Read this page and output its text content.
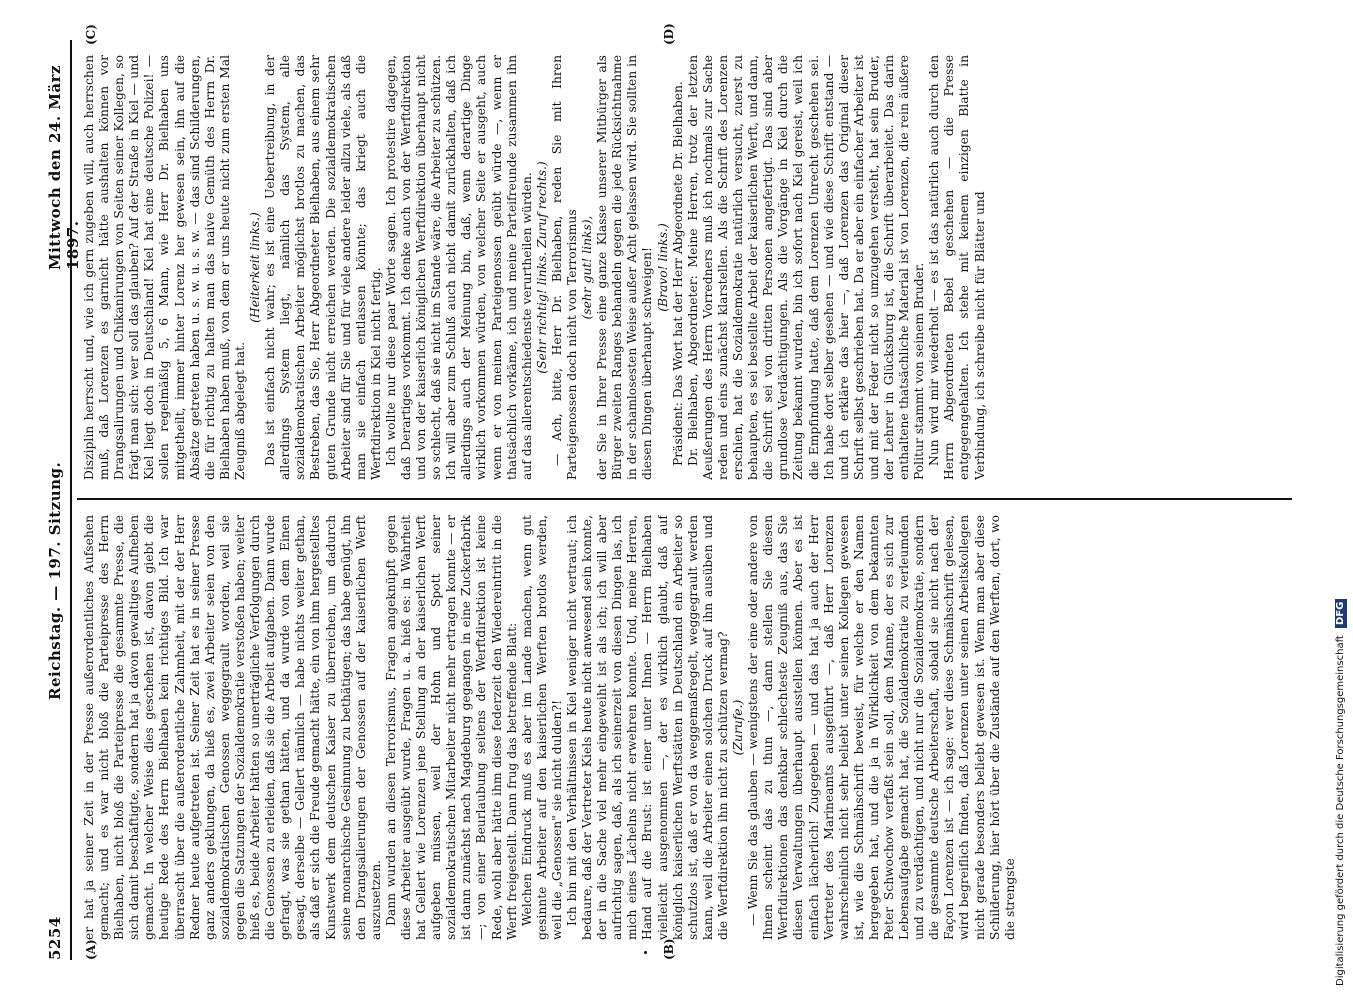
5254
Reichstag. — 197. Sitzung.
Mittwoch den 24. März 1897.
(A)	(B)
(C)	(D)

er hat ja seiner Zeit in der Presse außerordentliches Aufsehen gemacht; und es war nicht bloß die Parteipresse des Herrn Bielhaben, nicht bloß die Parteipresse die gesammte Presse, die sich damit beschäftigte, sondern hat ja davon gewaltiges Aufheben gemacht. In welcher Weise dies geschehen ist, davon giebt die heutige Rede des Herrn Bielhaben kein richtiges Bild. Ich war überrascht über die außerordentliche Zahmheit, mit der der Herr Redner heute aufgetreten ist. Seiner Zeit hat es in seiner Presse ganz anders geklungen, da hieß es, zwei Arbeiter seien von den sozialdemokratischen Genossen weggegrault worden, weil sie gegen die Satzungen der Sozialdemokratie verstoßen haben; weiter hieß es, beide Arbeiter hätten so unerträgliche Verfolgungen durch die Genossen zu erleiden, daß sie die Arbeit aufgaben. Dann wurde gefragt, was sie gethan hätten, und da wurde von dem Einen gesagt, derselbe — Gellert nämlich — habe nichts weiter gethan, als daß er sich die Freude gemacht hätte, ein von ihm hergestelltes Kunstwerk dem deutschen Kaiser zu überreichen, um dadurch seine monarchische Gesinnung zu bethätigen; das habe genügt, ihn den Drangsalierungen der Genossen auf der kaiserlichen Werft auszusetzen. Dann wurden an diesen Terrorismus, Fragen angeknüpft gegen diese Arbeiter ausgeübt wurde, Fragen u. a. hieß es: in Wahrheit hat Gellert wie Lorenzen jene Stellung an der kaiserlichen Werft aufgeben müssen, weil der Hohn und Spott seiner sozialdemokratischen Mitarbeiter nicht mehr ertragen konnte — er ist dann zunächst nach Magdeburg gegangen in eine Zuckerfabrik —; von einer Beurlaubung seitens der Werftdirektion ist keine Rede, wohl aber hätte ihm diese federzeit den Wiedereintritt in die Werft freigestellt. Dann frug das betreffende Blatt: Welchen Eindruck muß es aber im Lande machen, wenn gut gesinnte Arbeiter auf den kaiserlichen Werften brotlos werden, weil die „Genossen" sie nicht dulden?! Ich bin mit den Verhältnissen in Kiel weniger nicht vertraut; ich bedaure, daß der Vertreter Kiels heute nicht anwesend sein konnte, der in die Sache viel mehr eingeweiht ist als ich; ich will aber aufrichtig sagen, daß, als ich seinerzeit von diesen Dingen las, ich mich eines Lächelns nicht erwehren konnte. Und, meine Herren, Hand auf die Brust: ist einer unter Ihnen — Herrn Bielhaben vielleicht ausgenommen —, der es wirklich glaubt, daß auf königlich kaiserlichen Werftstätten in Deutschland ein Arbeiter so schutzlos ist, daß er von da weggemaßregelt, weggegrault werden kann, weil die Arbeiter einen solchen Druck auf ihn ausüben und die Werftdirektion ihn nicht zu schützen vermag? (Zurufe.) — Wenn Sie das glauben — wenigstens der eine oder andere von Ihnen scheint das zu thun —, dann stellen Sie diesen Werftdirektionen das denkbar schlechteste Zeugniß aus, das Sie diesen Verwaltungen überhaupt ausstellen können. Aber es ist einfach lächerlich! Zugegeben — und das hat ja auch der Herr Vertreter des Marineamts ausgeführt —, daß Herr Lorenzen wahrscheinlich nicht sehr beliebt unter seinen Kollegen gewesen ist, wie die Schmähschrift beweist, für welche er den Namen hergegeben hat, und die ja in Wirklichkeit von dem bekannten Peter Schwochow verfaßt sein soll, dem Manne, der es sich zur Lebensaufgabe gemacht hat, die Sozialdemokratie zu verleumden und zu verdächtigen, und nicht nur die Sozialdemokratie, sondern die gesammte deutsche Arbeiterschaft, sobald sie nicht nach der Façon Lorenzen ist — ich sage: wer diese Schmähschrift gelesen, wird begreiflich finden, daß Lorenzen unter seinen Arbeitskollegen nicht gerade besonders beliebt gewesen ist. Wenn man aber diese Schilderung, hier hört über die Zustände auf den Werften, dort, wo die strengste

Disziplin herrscht und, wie ich gern zugeben will, auch herrschen muß, daß Lorenzen es garnicht hätte aushalten können vor Drangsalirungen und Chikanirungen von Seiten seiner Kollegen, so frägt man sich: wer soll das glauben? Auf der Straße in Kiel — und Kiel liegt doch in Deutschland! Kiel hat eine deutsche Polizei! — sollen regelmäßig 5, 6 Mann, wie Herr Dr. Bielhaben uns mitgetheilt, immer hinter Lorenz her gewesen sein, ihn auf die Absätze getreten haben u. s. w. u. s. w. — das sind Schilderungen, die für richtig zu halten man das naive Gemüth des Herrn Dr. Bielhaben haben muß, von dem er uns heute nicht zum ersten Mal Zeugniß abgelegt hat.

(Heiterkeit links.) Das ist einfach nicht wahr; es ist eine Uebertreibung, in der allerdings System liegt, nämlich das System, alle sozialdemokratischen Arbeiter möglichst brotlos zu machen, das Bestreben, das Sie, Herr Abgeordneter Bielhaben, aus einem sehr guten Grunde nicht erreichen werden. Die sozialdemokratischen Arbeiter sind für Sie und für viele andere leider allzu viele, als daß man sie einfach entlassen könnte; das kriegt auch die Werftdirektion in Kiel nicht fertig. Ich wollte nur diese paar Worte sagen. Ich protestire dagegen, daß Derartiges vorkommt. Ich denke auch von der Werftdirektion und von der kaiserlich königlichen Werftdirektion überhaupt nicht so schlecht, daß sie nicht im Stande wäre, die Arbeiter zu schützen. Ich will aber zum Schluß auch nicht damit zurückhalten, daß ich allerdings auch der Meinung bin, daß, wenn derartige Dinge wirklich vorkommen würden, von welcher Seite er ausgeht, auch wenn er von meinen Parteigenossen geübt würde —, wenn er thatsächlich vorkäme, ich und meine Parteifreunde zusammen ihn auf das allerentschiedenste verurtheilen würden. (Sehr richtig! links. Zuruf rechts.) — Ach, bitte, Herr Dr. Bielhaben, reden Sie mit Ihren Parteigenossen doch nicht von Terrorismus (sehr gut! links), der Sie in Ihrer Presse eine ganze Klasse unserer Mitbürger als Bürger zweiten Ranges behandeln gegen die jede Rücksichtnahme in der schamlosesten Weise außer Acht gelassen wird. Sie sollten in diesen Dingen überhaupt schweigen! (Bravo! links.) Präsident: Das Wort hat der Herr Abgeordnete Dr. Bielhaben. Dr. Bielhaben, Abgeordneter: Meine Herren, trotz der letzten Aeußerungen des Herrn Vorredners muß ich nochmals zur Sache reden und eins zunächst klarstellen. Als die Schrift des Lorenzen erschien, hat die Sozialdemokratie natürlich versucht, zuerst zu behaupten, es sei bestellte Arbeit der kaiserlichen Werft, und dann, die Schrift sei von dritten Personen angefertigt. Das sind aber grundlose Verdächtigungen. Als die Vorgänge in Kiel durch die Zeitung bekannt wurden, bin ich sofort nach Kiel gereist, weil ich die Empfindung hatte, daß dem Lorenzen Unrecht geschehen sei. Ich habe dort selber gesehen — und wie diese Schrift entstand — und ich erkläre das hier —, daß Lorenzen das Original dieser Schrift selbst geschrieben hat. Da er aber ein einfacher Arbeiter ist und mit der Feder nicht so umzugehen versteht, hat sein Bruder, der Lehrer in Glücksburg ist, die Schrift überarbeitet. Das darin enthaltene thatsächliche Material ist von Lorenzen, die rein äußere Politur stammt von seinem Bruder. Nun wird mir wiederholt — es ist das natürlich auch durch den Herrn Abgeordneten Bebel geschehen — die Presse entgegengehalten. Ich stehe mit keinem einzigen Blatte in Verbindung, ich schreibe nicht für Blätter und

Digitalisierung gefördert durch die Deutsche Forschungsgemeinschaft DFG
